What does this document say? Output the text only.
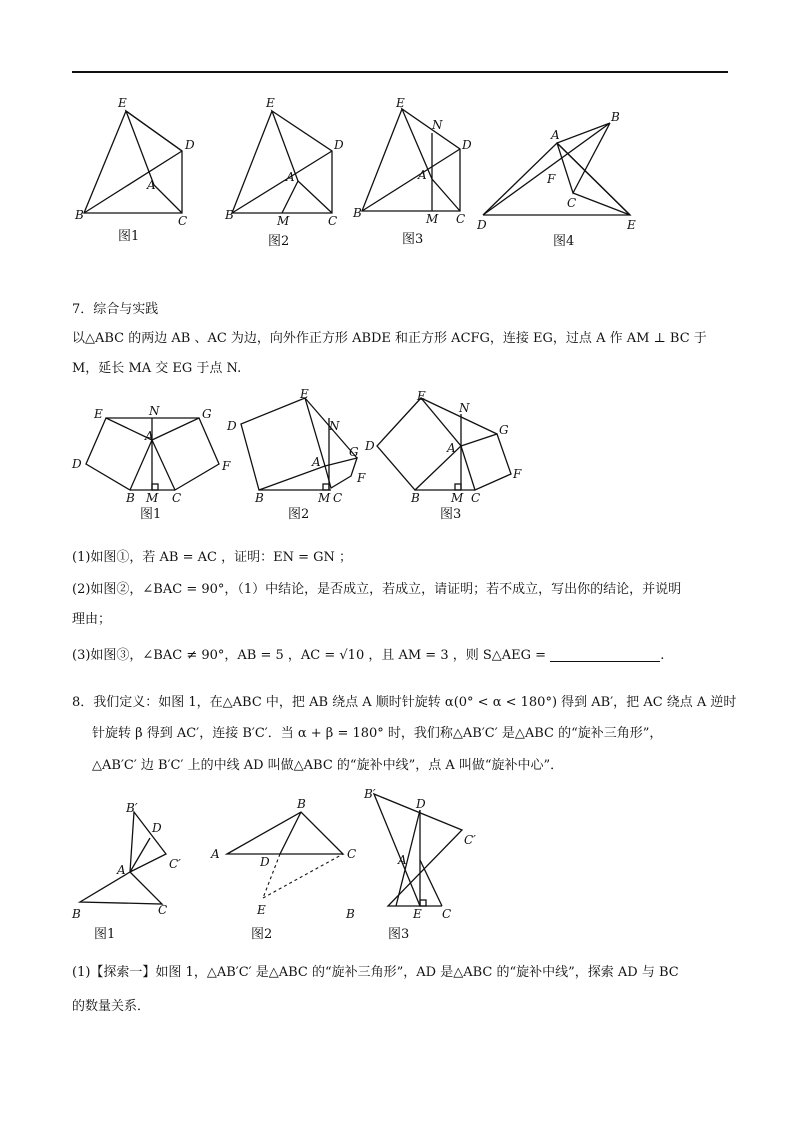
E
D
A
B	C
图1
E
D
A
B	M	C
图2
E
N
D
A
B	M C
图3
A
B
F
C
D	E
图4
7．综合与实践
以△ABC 的两边 AB 、AC 为边，向外作正方形 ABDE 和正方形 ACFG，连接 EG，过点 A 作 AM ⊥ BC 于
M，延长 MA 交 EG 于点 N.
E	N	G
A
D	F
B M C
图1
E
D	N
G
A
F
B	M C
图2
E
N
D
G
A
F
B	M C
图3
(1)如图①，若 AB = AC ，证明：EN = GN ；
(2)如图②，∠BAC = 90°，（1）中结论，是否成立，若成立，请证明；若不成立，写出你的结论，并说明
理由；
(3)如图③，∠BAC ≠ 90°，AB = 5 ，AC = √10 ，且 AM = 3 ，则 S△AEG =	.
8．我们定义：如图 1，在△ABC 中，把 AB 绕点 A 顺时针旋转 α(0° < α < 180°) 得到 AB′，把 AC 绕点 A 逆时
针旋转 β 得到 AC′，连接 B′C′．当 α + β = 180° 时，我们称△AB′C′ 是△ABC 的“旋补三角形”，
△AB′C′ 边 B′C′ 上的中线 AD 叫做△ABC 的“旋补中线”，点 A 叫做“旋补中心”．
B′
D
C′
A
B	C
图1
B
A
D
C
E
图2
B′
D
C′
A
B	E C
图3
(1)【探索一】如图 1，△AB′C′ 是△ABC 的“旋补三角形”，AD 是△ABC 的“旋补中线”，探索 AD 与 BC
的数量关系．
